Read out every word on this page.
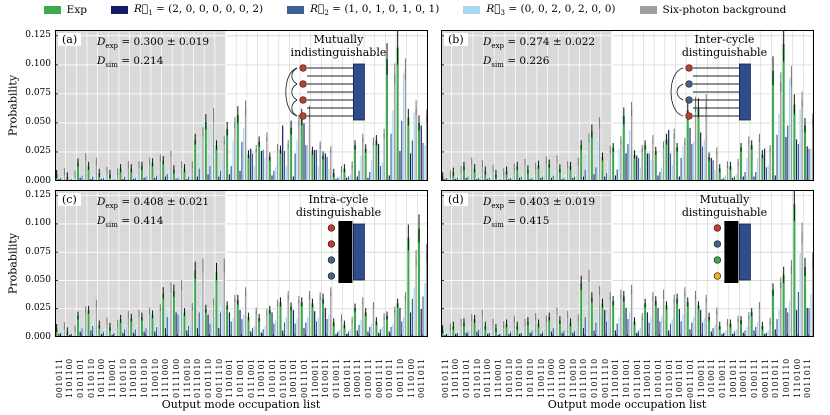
Exp	$R⃗_1 = (2$, 0, 0, 0, 0, 0, 2)	$R⃗_2 = (1$, 0, 1, 0, 1, 0, 1)	$R⃗_3 = (0$, 0, 2, 0, 2, 0, 0)	Six-photon background
(a)	$D_{exp} = 0.300 \pm 0.019$
$D_{sim} = 0.214$
Mutually
indistinguishable
(b)	$D_{exp} = 0.274 \pm 0.022$
$D_{sim} = 0.226$
Inter-cycle
distinguishable
(c)	$D_{exp} = 0.408 \pm 0.021$
$D_{sim} = 0.414$
Intra-cycle
distinguishable
(d)	$D_{exp} = 0.403 \pm 0.019$
$D_{sim} = 0.415$
Mutually
distinguishable
Probability
Probability
Output mode occupation list	Output mode occupation list
0.000
0.025
0.050
0.075
0.100
0.125
0.000
0.025
0.050
0.075
0.100
0.125
0010111 1101100 0101101 0110110 1011100 1110001 1010110 1101010 1011010 1100110 1111000 0111100 1110010 0111010 0101110 0011110 1101001 1011001 0111001 1100101 1010101 0110101 1001101 0011101 1100011 1010011 0110011 1001011 1000111 0100111 0001111 0101011 1001110 1110100 0011011 0010111 1101100 0101101 0110110 1011100 1110001 1010110 1101010 1011010 1100110 1111000 0111100 1110010 0111010 0101110 0011110 1101001 1011001 0111001 1100101 1010101 0110101 1001101 0011101 1100011 1010011 0110011 1001011 1000111 0100111 0001111 0101011 1001110 1110100 0011011
